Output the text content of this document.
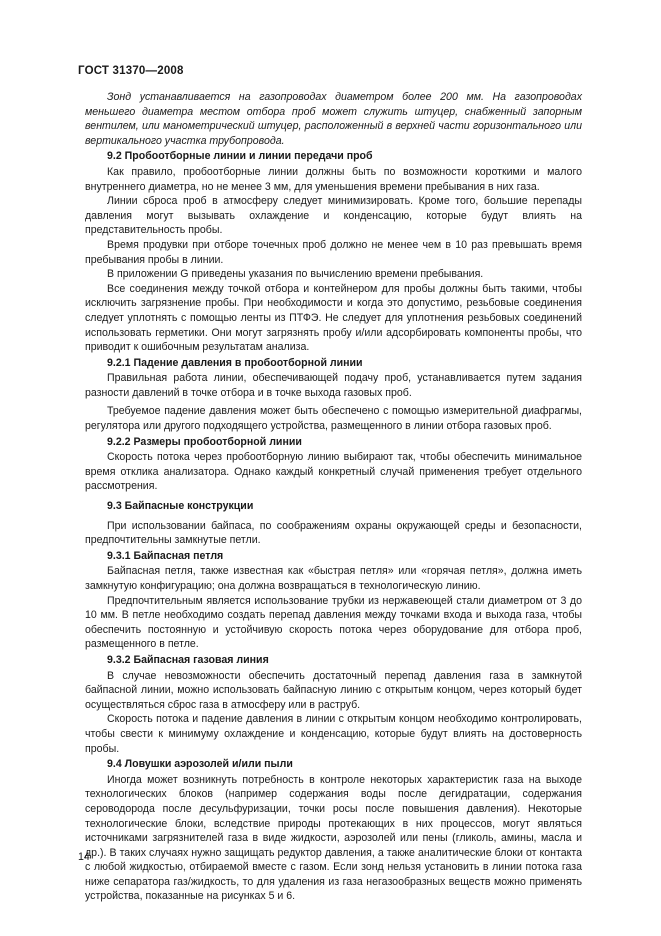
ГОСТ 31370—2008

Зонд устанавливается на газопроводах диаметром более 200 мм. На газопроводах меньшего диаметра местом отбора проб может служить штуцер, снабженный запорным вентилем, или манометрический штуцер, расположенный в верхней части горизонтального или вертикального участка трубопровода.

9.2 Пробоотборные линии и линии передачи проб

Как правило, пробоотборные линии должны быть по возможности короткими и малого внутреннего диаметра, но не менее 3 мм, для уменьшения времени пребывания в них газа.

Линии сброса проб в атмосферу следует минимизировать. Кроме того, большие перепады давления могут вызывать охлаждение и конденсацию, которые будут влиять на представительность пробы.

Время продувки при отборе точечных проб должно не менее чем в 10 раз превышать время пребывания пробы в линии.

В приложении G приведены указания по вычислению времени пребывания.

Все соединения между точкой отбора и контейнером для пробы должны быть такими, чтобы исключить загрязнение пробы. При необходимости и когда это допустимо, резьбовые соединения следует уплотнять с помощью ленты из ПТФЭ. Не следует для уплотнения резьбовых соединений использовать герметики. Они могут загрязнять пробу и/или адсорбировать компоненты пробы, что приводит к ошибочным результатам анализа.

9.2.1 Падение давления в пробоотборной линии

Правильная работа линии, обеспечивающей подачу проб, устанавливается путем задания разности давлений в точке отбора и в точке выхода газовых проб.

Требуемое падение давления может быть обеспечено с помощью измерительной диафрагмы, регулятора или другого подходящего устройства, размещенного в линии отбора газовых проб.

9.2.2 Размеры пробоотборной линии

Скорость потока через пробоотборную линию выбирают так, чтобы обеспечить минимальное время отклика анализатора. Однако каждый конкретный случай применения требует отдельного рассмотрения.

9.3 Байпасные конструкции

При использовании байпаса, по соображениям охраны окружающей среды и безопасности, предпочтительны замкнутые петли.

9.3.1 Байпасная петля

Байпасная петля, также известная как «быстрая петля» или «горячая петля», должна иметь замкнутую конфигурацию; она должна возвращаться в технологическую линию.

Предпочтительным является использование трубки из нержавеющей стали диаметром от 3 до 10 мм. В петле необходимо создать перепад давления между точками входа и выхода газа, чтобы обеспечить постоянную и устойчивую скорость потока через оборудование для отбора проб, размещенного в петле.

9.3.2 Байпасная газовая линия

В случае невозможности обеспечить достаточный перепад давления газа в замкнутой байпасной линии, можно использовать байпасную линию с открытым концом, через который будет осуществляться сброс газа в атмосферу или в раструб.

Скорость потока и падение давления в линии с открытым концом необходимо контролировать, чтобы свести к минимуму охлаждение и конденсацию, которые будут влиять на достоверность пробы.

9.4 Ловушки аэрозолей и/или пыли

Иногда может возникнуть потребность в контроле некоторых характеристик газа на выходе технологических блоков (например содержания воды после дегидратации, содержания сероводорода после десульфуризации, точки росы после повышения давления). Некоторые технологические блоки, вследствие природы протекающих в них процессов, могут являться источниками загрязнителей газа в виде жидкости, аэрозолей или пены (гликоль, амины, масла и др.). В таких случаях нужно защищать редуктор давления, а также аналитические блоки от контакта с любой жидкостью, отбираемой вместе с газом. Если зонд нельзя установить в линии потока газа ниже сепаратора газ/жидкость, то для удаления из газа негазообразных веществ можно применять устройства, показанные на рисунках 5 и 6.

14
